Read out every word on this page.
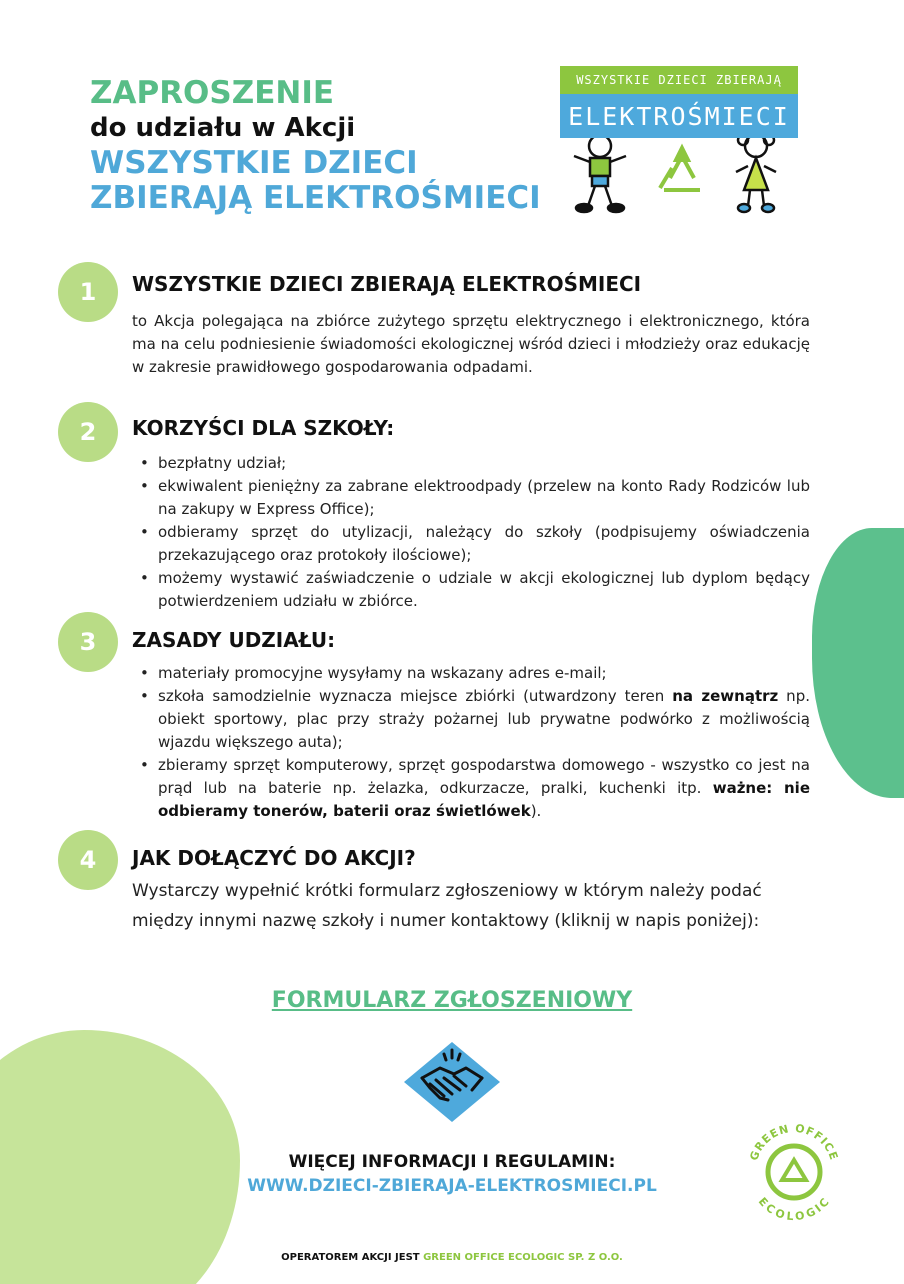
ZAPROSZENIE
do udziału w Akcji
WSZYSTKIE DZIECI
ZBIERAJĄ ELEKTROŚMIECI
WSZYSTKIE DZIECI ZBIERAJĄ
ELEKTROŚMIECI
1	WSZYSTKIE DZIECI ZBIERAJĄ ELEKTROŚMIECI
to Akcja polegająca na zbiórce zużytego sprzętu elektrycznego i elektronicznego, która ma na celu podniesienie świadomości ekologicznej wśród dzieci i młodzieży oraz edukację w zakresie prawidłowego gospodarowania odpadami.
2	KORZYŚCI DLA SZKOŁY:
• bezpłatny udział;
• ekwiwalent pieniężny za zabrane elektroodpady (przelew na konto Rady Rodziców lub na zakupy w Express Office);
• odbieramy sprzęt do utylizacji, należący do szkoły (podpisujemy oświadczenia przekazującego oraz protokoły ilościowe);
• możemy wystawić zaświadczenie o udziale w akcji ekologicznej lub dyplom będący potwierdzeniem udziału w zbiórce.
3	ZASADY UDZIAŁU:
• materiały promocyjne wysyłamy na wskazany adres e-mail;
• szkoła samodzielnie wyznacza miejsce zbiórki (utwardzony teren na zewnątrz np. obiekt sportowy, plac przy straży pożarnej lub prywatne podwórko z możliwością wjazdu większego auta);
• zbieramy sprzęt komputerowy, sprzęt gospodarstwa domowego - wszystko co jest na prąd lub na baterie np. żelazka, odkurzacze, pralki, kuchenki itp. ważne: nie odbieramy tonerów, baterii oraz świetlówek).
4	JAK DOŁĄCZYĆ DO AKCJI?
Wystarczy wypełnić krótki formularz zgłoszeniowy w którym należy podać między innymi nazwę szkoły i numer kontaktowy (kliknij w napis poniżej):
FORMULARZ ZGŁOSZENIOWY
WIĘCEJ INFORMACJI I REGULAMIN:
WWW.DZIECI-ZBIERAJA-ELEKTROSMIECI.PL
GREEN OFFICE
ECOLOGIC
OPERATOREM AKCJI JEST GREEN OFFICE ECOLOGIC SP. Z O.O.
